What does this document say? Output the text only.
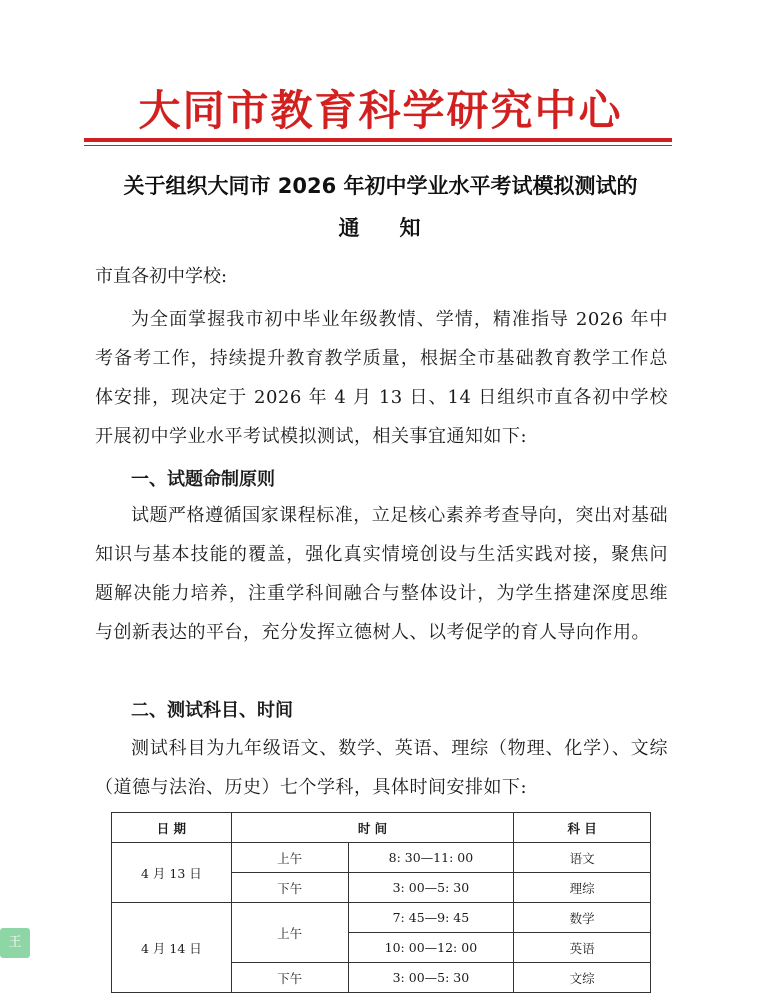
大同市教育科学研究中心
关于组织大同市 2026 年初中学业水平考试模拟测试的
通 知
市直各初中学校:
为全面掌握我市初中毕业年级教情、学情，精准指导 2026 年中考备考工作，持续提升教育教学质量，根据全市基础教育教学工作总体安排，现决定于 2026 年 4 月 13 日、14 日组织市直各初中学校开展初中学业水平考试模拟测试，相关事宜通知如下:
一、试题命制原则
试题严格遵循国家课程标准，立足核心素养考查导向，突出对基础知识与基本技能的覆盖，强化真实情境创设与生活实践对接，聚焦问题解决能力培养，注重学科间融合与整体设计，为学生搭建深度思维与创新表达的平台，充分发挥立德树人、以考促学的育人导向作用。
二、测试科目、时间
测试科目为九年级语文、数学、英语、理综（物理、化学）、文综（道德与法治、历史）七个学科，具体时间安排如下:
日 期	时 间		科 目
4 月 13 日	上午	8: 30—11: 00	语文
	下午	3: 00—5: 30	理综
4 月 14 日	上午	7: 45—9: 45	数学
		10: 00—12: 00	英语
	下午	3: 00—5: 30	文综
王
